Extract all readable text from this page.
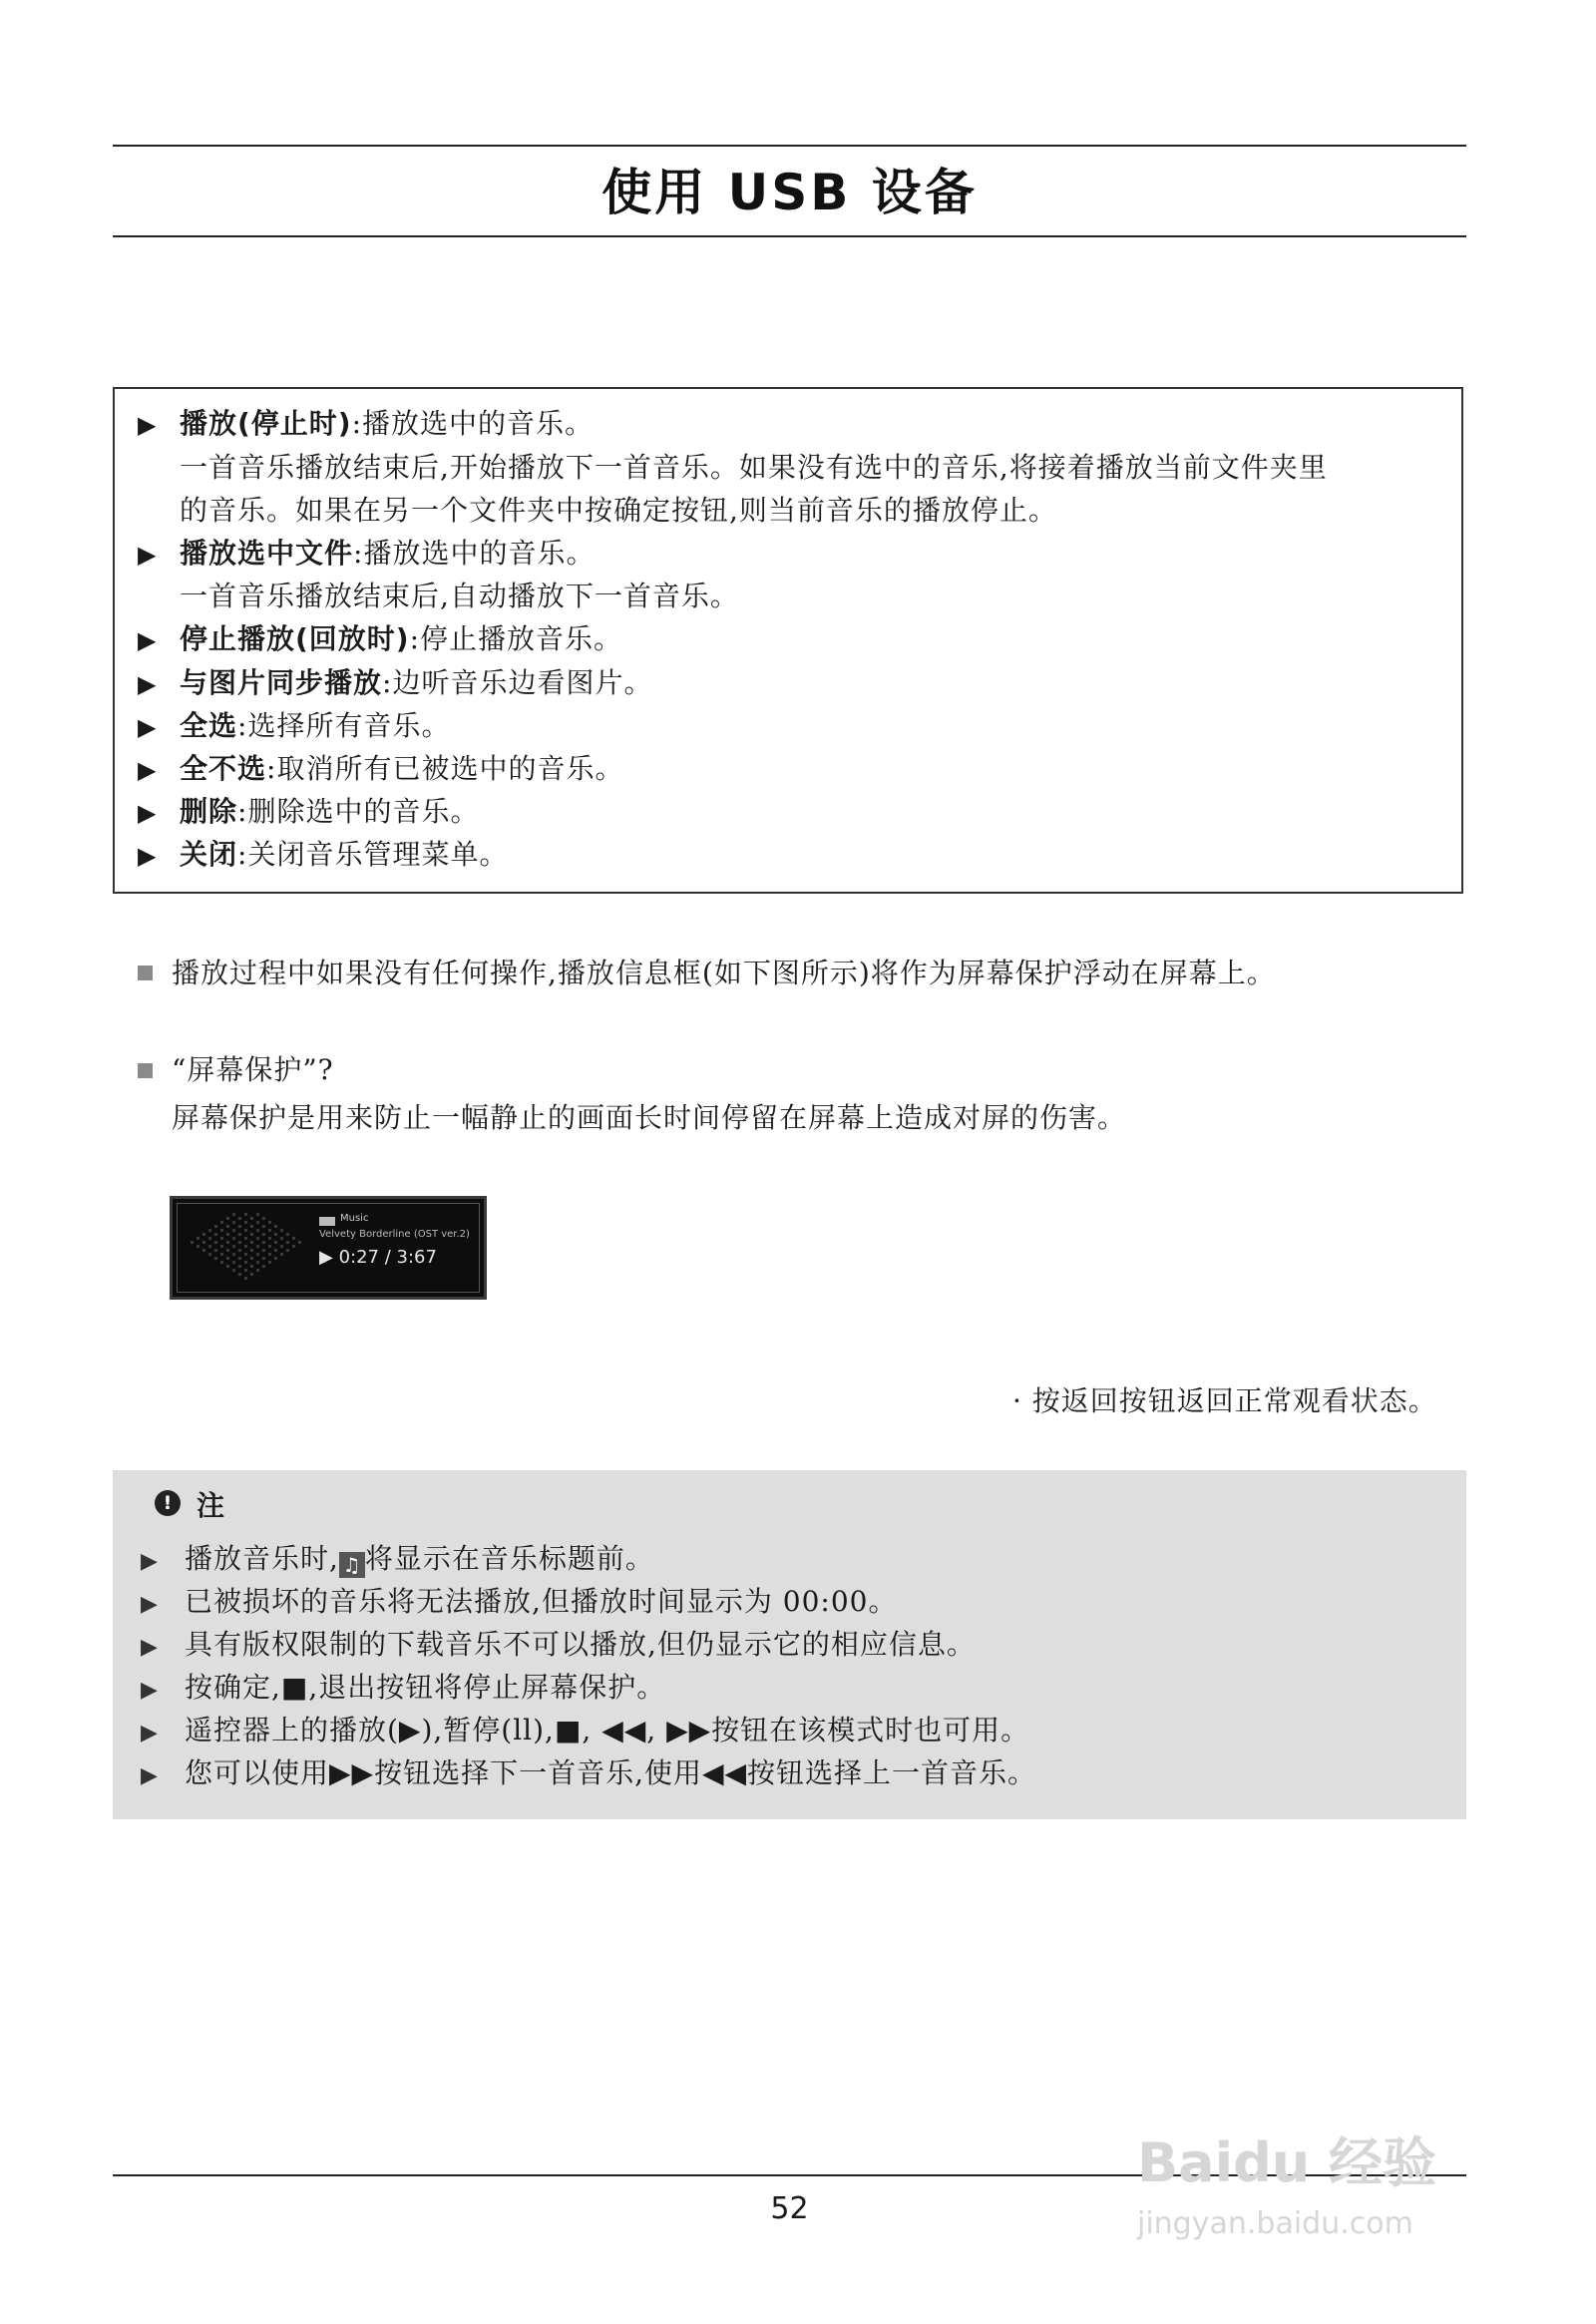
使用 USB 设备
▶ 播放(停止时):播放选中的音乐。
一首音乐播放结束后,开始播放下一首音乐。如果没有选中的音乐,将接着播放当前文件夹里
的音乐。如果在另一个文件夹中按确定按钮,则当前音乐的播放停止。
▶ 播放选中文件:播放选中的音乐。
一首音乐播放结束后,自动播放下一首音乐。
▶ 停止播放(回放时):停止播放音乐。
▶ 与图片同步播放:边听音乐边看图片。
▶ 全选:选择所有音乐。
▶ 全不选:取消所有已被选中的音乐。
▶ 删除:删除选中的音乐。
▶ 关闭:关闭音乐管理菜单。
播放过程中如果没有任何操作,播放信息框(如下图所示)将作为屏幕保护浮动在屏幕上。
“屏幕保护”?
屏幕保护是用来防止一幅静止的画面长时间停留在屏幕上造成对屏的伤害。
Music
Velvety Borderline (OST ver.2)
▶ 0:27 / 3:67
· 按返回按钮返回正常观看状态。
! 注
▶ 播放音乐时, ♫ 将显示在音乐标题前。
▶ 已被损坏的音乐将无法播放,但播放时间显示为 00:00。
▶ 具有版权限制的下载音乐不可以播放,但仍显示它的相应信息。
▶ 按确定,■,退出按钮将停止屏幕保护。
▶ 遥控器上的播放(▶),暂停(ll),■, ◀◀, ▶▶按钮在该模式时也可用。
▶ 您可以使用▶▶按钮选择下一首音乐,使用◀◀按钮选择上一首音乐。
52
Baidu 经验
jingyan.baidu.com
